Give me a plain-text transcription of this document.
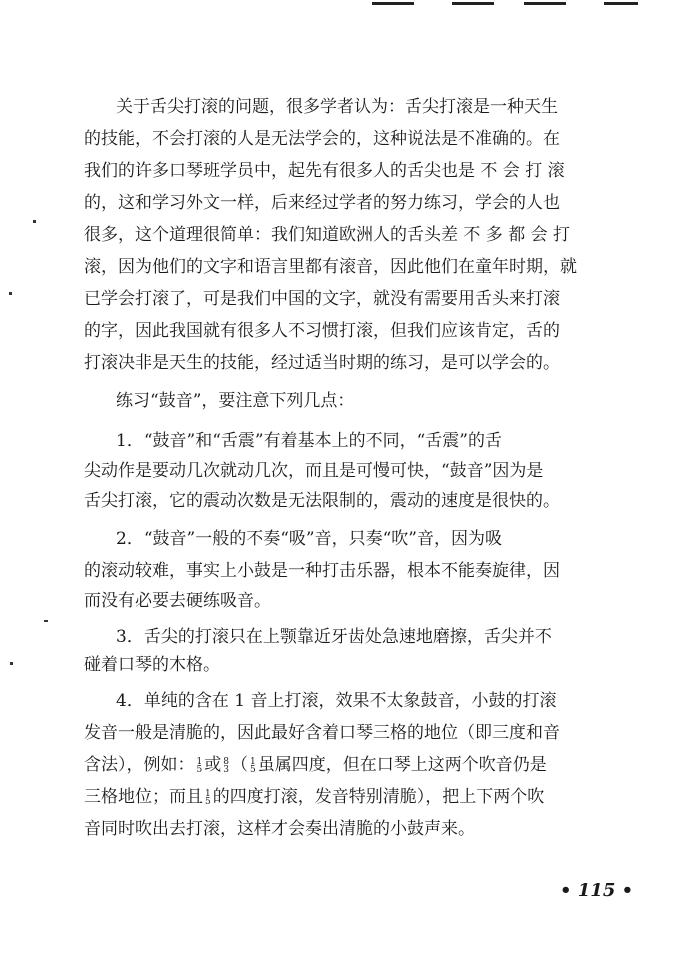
关于舌尖打滚的问题，很多学者认为：舌尖打滚是一种天生
的技能，不会打滚的人是无法学会的，这种说法是不准确的。在
我们的许多口琴班学员中，起先有很多人的舌尖也是 不 会 打 滚
的，这和学习外文一样，后来经过学者的努力练习，学会的人也
很多，这个道理很简单：我们知道欧洲人的舌头差 不 多 都 会 打
滚，因为他们的文字和语言里都有滚音，因此他们在童年时期，就
已学会打滚了，可是我们中国的文字，就没有需要用舌头来打滚
的字，因此我国就有很多人不习惯打滚，但我们应该肯定，舌的
打滚决非是天生的技能，经过适当时期的练习，是可以学会的。
练习“鼓音”，要注意下列几点：
1．“鼓音”和“舌震”有着基本上的不同，“舌震”的舌
尖动作是要动几次就动几次，而且是可慢可快，“鼓音”因为是
舌尖打滚，它的震动次数是无法限制的，震动的速度是很快的。
2．“鼓音”一般的不奏“吸”音，只奏“吹”音，因为吸
的滚动较难，事实上小鼓是一种打击乐器，根本不能奏旋律，因
而没有必要去硬练吸音。
3．舌尖的打滚只在上颚靠近牙齿处急速地磨擦，舌尖并不
碰着口琴的木格。
4．单纯的含在 1 音上打滚，效果不太象鼓音，小鼓的打滚
发音一般是清脆的，因此最好含着口琴三格的地位（即三度和音
含法），例如： 1
5 或 8
3 （ 1
5 虽属四度，但在口琴上这两个吹音仍是
三格地位；而且 1
5 的四度打滚，发音特别清脆），把上下两个吹
音同时吹出去打滚，这样才会奏出清脆的小鼓声来。
• 115 •
